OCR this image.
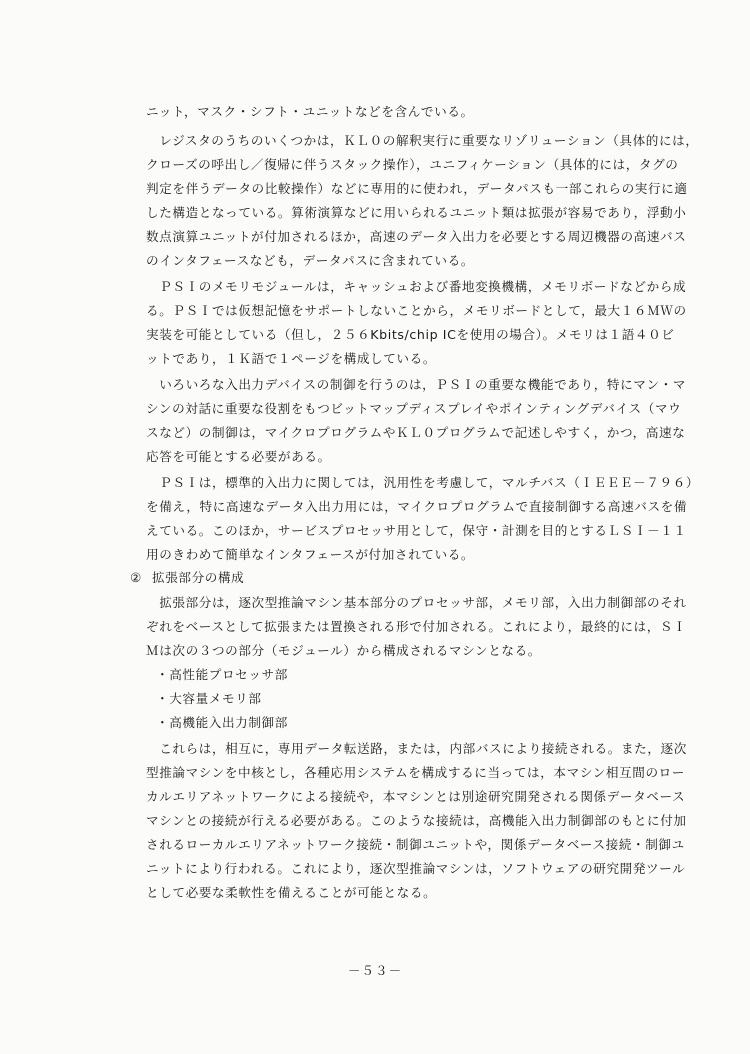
ニット，マスク・シフト・ユニットなどを含んでいる。
　レジスタのうちのいくつかは，ＫＬ０の解釈実行に重要なリゾリューション（具体的には，
クローズの呼出し／復帰に伴うスタック操作），ユニフィケーション（具体的には，タグの
判定を伴うデータの比較操作）などに専用的に使われ，データパスも一部これらの実行に適
した構造となっている。算術演算などに用いられるユニット類は拡張が容易であり，浮動小
数点演算ユニットが付加されるほか，高速のデータ入出力を必要とする周辺機器の高速バス
のインタフェースなども，データパスに含まれている。
　ＰＳＩのメモリモジュールは，キャッシュおよび番地変換機構，メモリボードなどから成
る。ＰＳＩでは仮想記憶をサポートしないことから，メモリボードとして，最大１６ＭＷの
実装を可能としている（但し，２５６Kbits/chip ICを使用の場合）。メモリは１語４０ビ
ットであり，１Ｋ語で１ページを構成している。
　いろいろな入出力デバイスの制御を行うのは，ＰＳＩの重要な機能であり，特にマン・マ
シンの対話に重要な役割をもつビットマップディスプレイやポインティングデバイス（マウ
スなど）の制御は，マイクロプログラムやＫＬ０プログラムで記述しやすく，かつ，高速な
応答を可能とする必要がある。
　ＰＳＩは，標準的入出力に関しては，汎用性を考慮して，マルチバス（ＩＥＥＥ－７９６）
を備え，特に高速なデータ入出力用には，マイクロプログラムで直接制御する高速バスを備
えている。このほか，サービスプロセッサ用として，保守・計測を目的とするＬＳＩ－１１
用のきわめて簡単なインタフェースが付加されている。
② 拡張部分の構成
　拡張部分は，逐次型推論マシン基本部分のプロセッサ部，メモリ部，入出力制御部のそれ
ぞれをベースとして拡張または置換される形で付加される。これにより，最終的には，ＳＩ
Ｍは次の３つの部分（モジュール）から構成されるマシンとなる。
・高性能プロセッサ部
・大容量メモリ部
・高機能入出力制御部
　これらは，相互に，専用データ転送路，または，内部バスにより接続される。また，逐次
型推論マシンを中核とし，各種応用システムを構成するに当っては，本マシン相互間のロー
カルエリアネットワークによる接続や，本マシンとは別途研究開発される関係データベース
マシンとの接続が行える必要がある。このような接続は，高機能入出力制御部のもとに付加
されるローカルエリアネットワーク接続・制御ユニットや，関係データベース接続・制御ユ
ニットにより行われる。これにより，逐次型推論マシンは，ソフトウェアの研究開発ツール
として必要な柔軟性を備えることが可能となる。
－５３－
